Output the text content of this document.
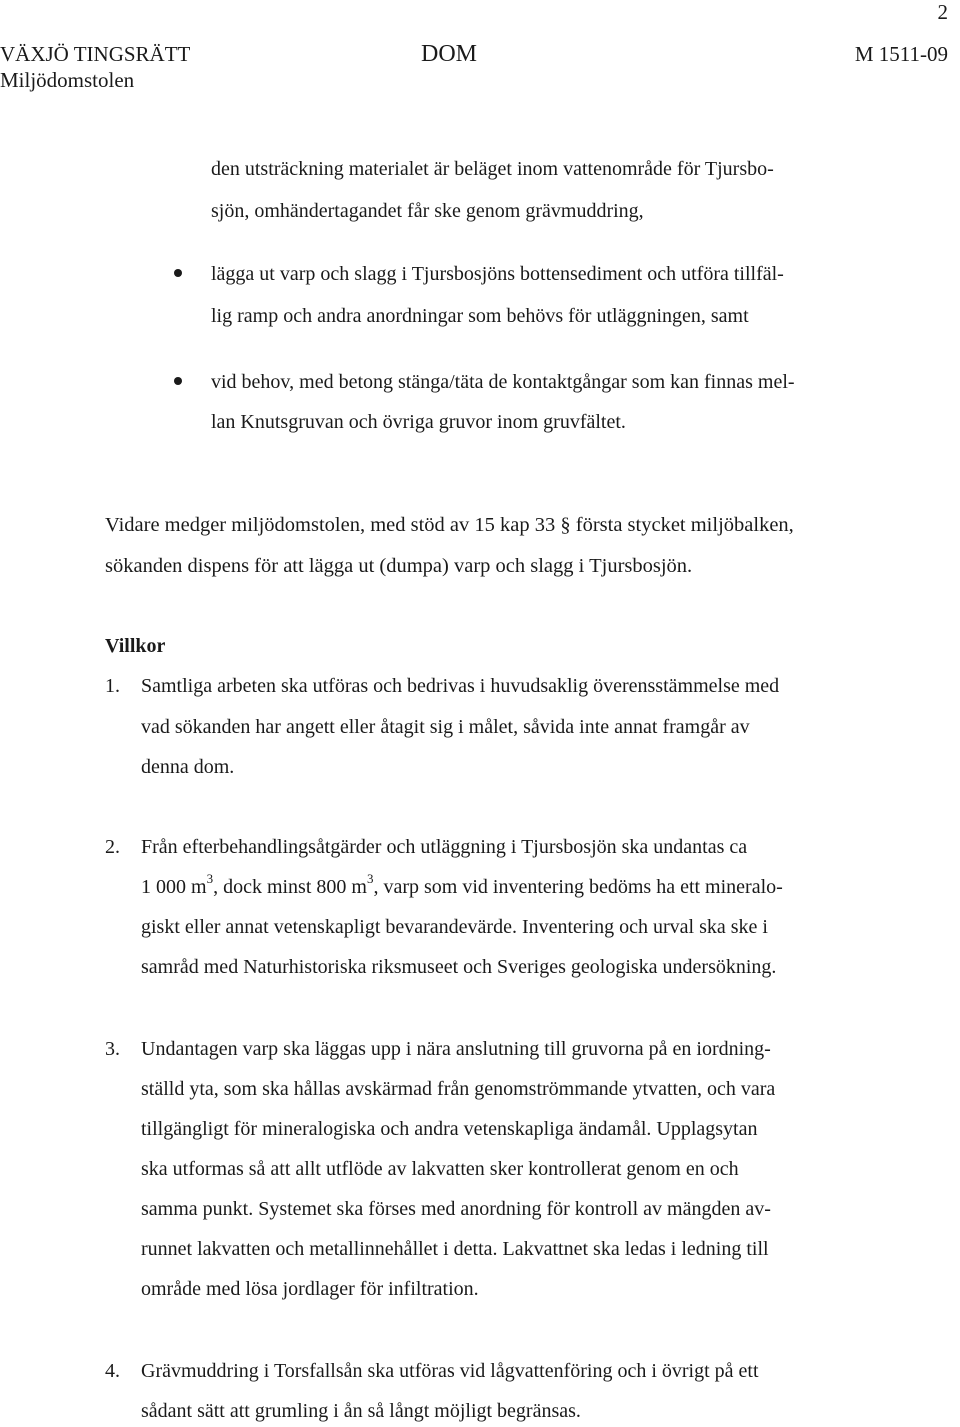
2
VÄXJÖ TINGSRÄTT
Miljödomstolen
DOM	M 1511-09
den utsträckning materialet är beläget inom vattenområde för Tjursbo-
sjön, omhändertagandet får ske genom grävmuddring,
lägga ut varp och slagg i Tjursbosjöns bottensediment och utföra tillfäl-
lig ramp och andra anordningar som behövs för utläggningen, samt
vid behov, med betong stänga/täta de kontaktgångar som kan finnas mel-
lan Knutsgruvan och övriga gruvor inom gruvfältet.
Vidare medger miljödomstolen, med stöd av 15 kap 33 § första stycket miljöbalken,
sökanden dispens för att lägga ut (dumpa) varp och slagg i Tjursbosjön.
Villkor
1. Samtliga arbeten ska utföras och bedrivas i huvudsaklig överensstämmelse med
vad sökanden har angett eller åtagit sig i målet, såvida inte annat framgår av
denna dom.
2. Från efterbehandlingsåtgärder och utläggning i Tjursbosjön ska undantas ca
1 000 $m^3$, dock minst 800 $m^3$, varp som vid inventering bedöms ha ett mineralo-
giskt eller annat vetenskapligt bevarandevärde. Inventering och urval ska ske i
samråd med Naturhistoriska riksmuseet och Sveriges geologiska undersökning.
3. Undantagen varp ska läggas upp i nära anslutning till gruvorna på en iordning-
ställd yta, som ska hållas avskärmad från genomströmmande ytvatten, och vara
tillgängligt för mineralogiska och andra vetenskapliga ändamål. Upplagsytan
ska utformas så att allt utflöde av lakvatten sker kontrollerat genom en och
samma punkt. Systemet ska förses med anordning för kontroll av mängden av-
runnet lakvatten och metallinnehållet i detta. Lakvattnet ska ledas i ledning till
område med lösa jordlager för infiltration.
4. Grävmuddring i Torsfallsån ska utföras vid lågvattenföring och i övrigt på ett
sådant sätt att grumling i ån så långt möjligt begränsas.
